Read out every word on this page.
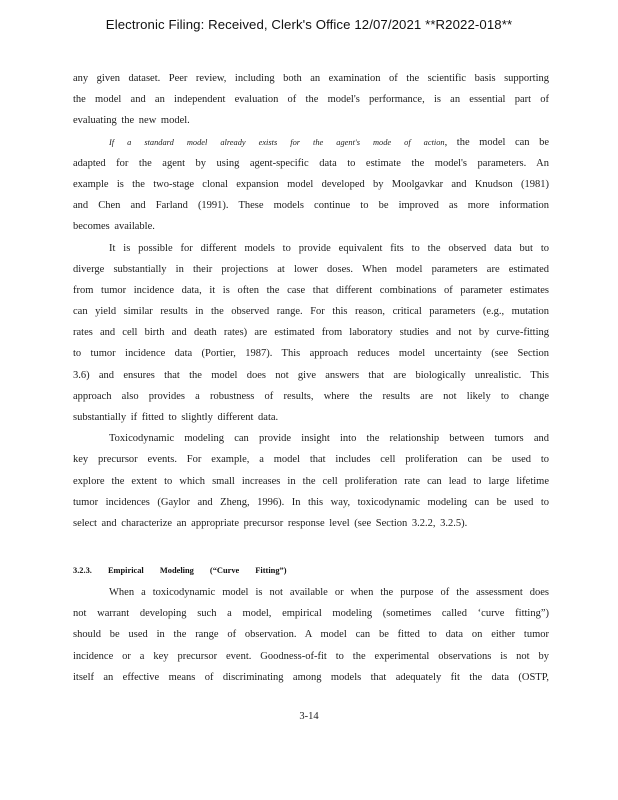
Electronic Filing: Received, Clerk's Office 12/07/2021 **R2022-018**
any given dataset. Peer review, including both an examination of the scientific basis supporting
the model and an independent evaluation of the model's performance, is an essential part of
evaluating the new model.
If a standard model already exists for the agent's mode of action, the model can be
adapted for the agent by using agent-specific data to estimate the model's parameters. An
example is the two-stage clonal expansion model developed by Moolgavkar and Knudson (1981)
and Chen and Farland (1991). These models continue to be improved as more information
becomes available.
It is possible for different models to provide equivalent fits to the observed data but to
diverge substantially in their projections at lower doses. When model parameters are estimated
from tumor incidence data, it is often the case that different combinations of parameter estimates
can yield similar results in the observed range. For this reason, critical parameters (e.g., mutation
rates and cell birth and death rates) are estimated from laboratory studies and not by curve-fitting
to tumor incidence data (Portier, 1987). This approach reduces model uncertainty (see Section
3.6) and ensures that the model does not give answers that are biologically unrealistic. This
approach also provides a robustness of results, where the results are not likely to change
substantially if fitted to slightly different data.
Toxicodynamic modeling can provide insight into the relationship between tumors and
key precursor events. For example, a model that includes cell proliferation can be used to
explore the extent to which small increases in the cell proliferation rate can lead to large lifetime
tumor incidences (Gaylor and Zheng, 1996). In this way, toxicodynamic modeling can be used to
select and characterize an appropriate precursor response level (see Section 3.2.2, 3.2.5).
3.2.3. Empirical Modeling (“Curve Fitting”)
When a toxicodynamic model is not available or when the purpose of the assessment does
not warrant developing such a model, empirical modeling (sometimes called ‘curve fitting”)
should be used in the range of observation. A model can be fitted to data on either tumor
incidence or a key precursor event. Goodness-of-fit to the experimental observations is not by
itself an effective means of discriminating among models that adequately fit the data (OSTP,
3-14
